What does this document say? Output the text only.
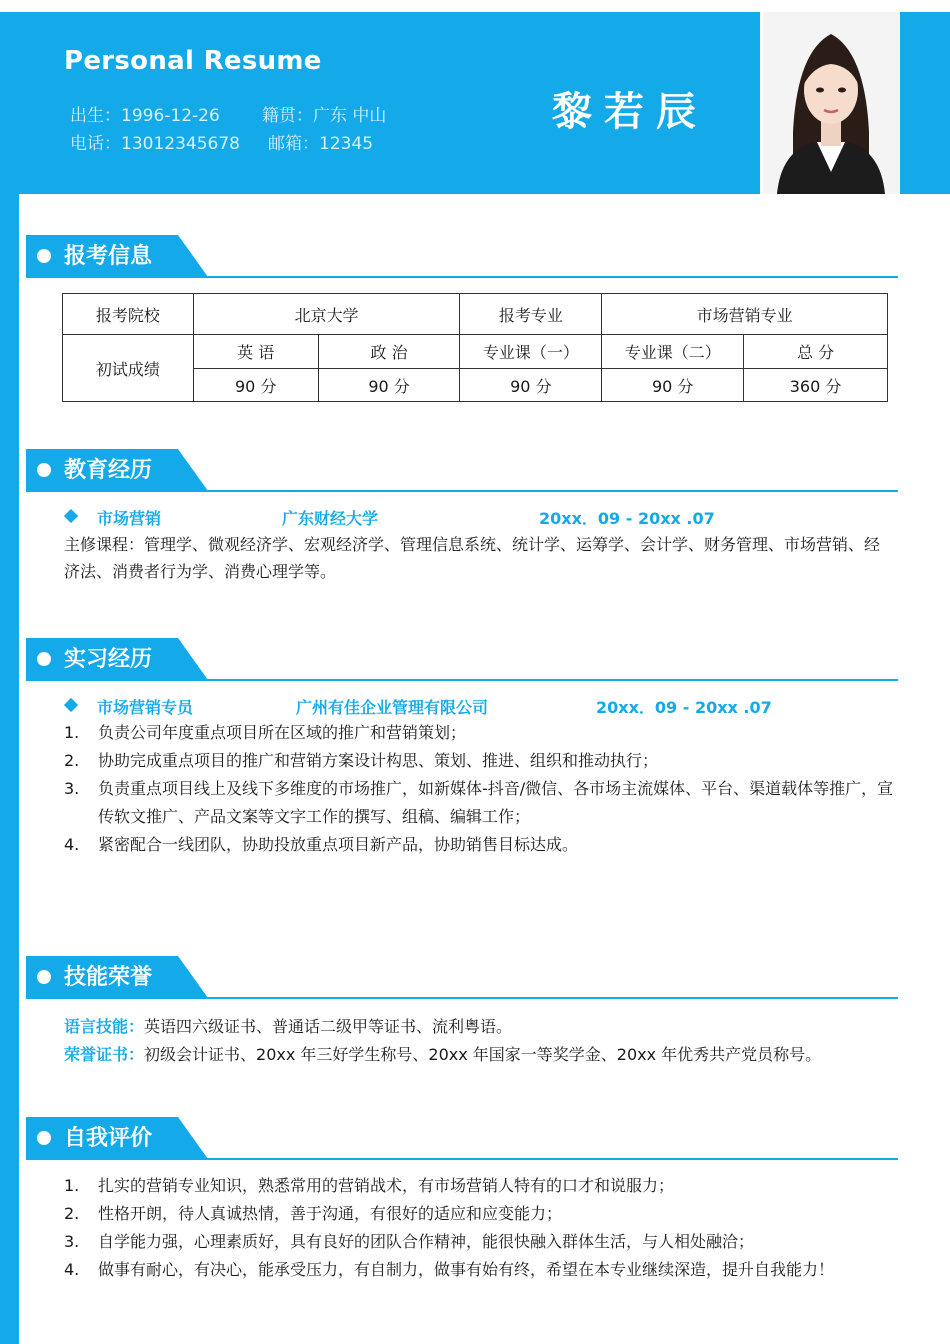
Personal Resume
出生：1996-12-26 籍贯：广东 中山
电话：13012345678 邮箱：12345
黎若辰
报考信息
报考院校	北京大学		报考专业	市场营销专业	
初试成绩	英 语	政 治	专业课（一）	专业课（二）	总 分
	90 分	90 分	90 分	90 分	360 分
教育经历
市场营销	广东财经大学	20xx．09 - 20xx .07
主修课程：管理学、微观经济学、宏观经济学、管理信息系统、统计学、运筹学、会计学、财务管理、市场营销、经济法、消费者行为学、消费心理学等。
实习经历
市场营销专员	广州有佳企业管理有限公司	20xx．09 - 20xx .07
1. 负责公司年度重点项目所在区域的推广和营销策划；
2. 协助完成重点项目的推广和营销方案设计构思、策划、推进、组织和推动执行；
3. 负责重点项目线上及线下多维度的市场推广，如新媒体-抖音/微信、各市场主流媒体、平台、渠道载体等推广，宣传软文推广、产品文案等文字工作的撰写、组稿、编辑工作；
4. 紧密配合一线团队，协助投放重点项目新产品，协助销售目标达成。
技能荣誉
语言技能：英语四六级证书、普通话二级甲等证书、流利粤语。
荣誉证书：初级会计证书、20xx 年三好学生称号、20xx 年国家一等奖学金、20xx 年优秀共产党员称号。
自我评价
1. 扎实的营销专业知识，熟悉常用的营销战术，有市场营销人特有的口才和说服力；
2. 性格开朗，待人真诚热情，善于沟通，有很好的适应和应变能力；
3. 自学能力强，心理素质好，具有良好的团队合作精神，能很快融入群体生活，与人相处融洽；
4. 做事有耐心，有决心，能承受压力，有自制力，做事有始有终，希望在本专业继续深造，提升自我能力！
